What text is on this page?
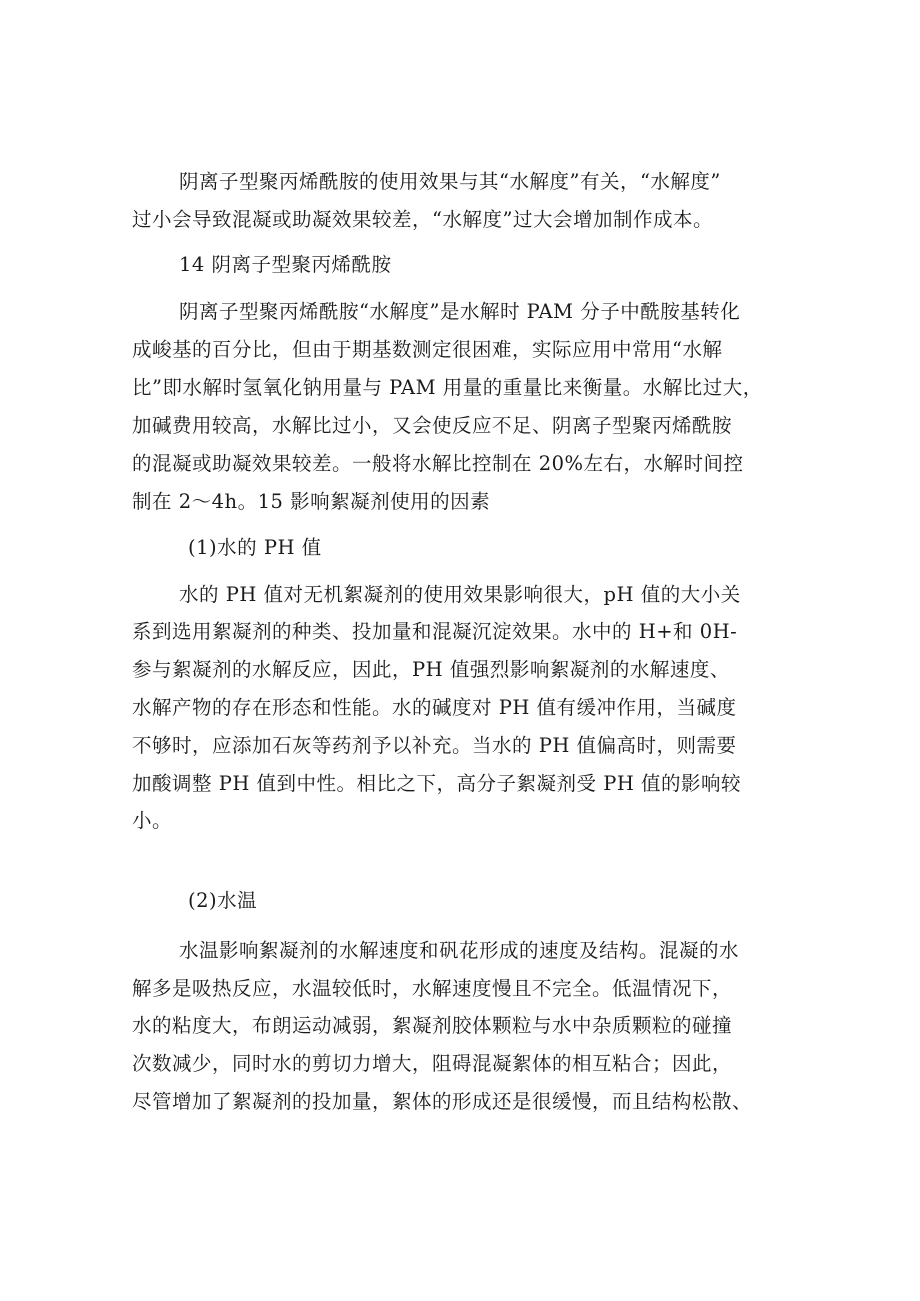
阴离子型聚丙烯酰胺的使用效果与其“水解度”有关，“水解度”
过小会导致混凝或助凝效果较差，“水解度”过大会增加制作成本。
14 阴离子型聚丙烯酰胺
阴离子型聚丙烯酰胺“水解度”是水解时 PAM 分子中酰胺基转化
成峻基的百分比，但由于期基数测定很困难，实际应用中常用“水解
比”即水解时氢氧化钠用量与 PAM 用量的重量比来衡量。水解比过大，
加碱费用较高，水解比过小，又会使反应不足、阴离子型聚丙烯酰胺
的混凝或助凝效果较差。一般将水解比控制在 20%左右，水解时间控
制在 2～4h。15 影响絮凝剂使用的因素
(1)水的 PH 值
水的 PH 值对无机絮凝剂的使用效果影响很大，pH 值的大小关
系到选用絮凝剂的种类、投加量和混凝沉淀效果。水中的 H+和 0H-
参与絮凝剂的水解反应，因此，PH 值强烈影响絮凝剂的水解速度、
水解产物的存在形态和性能。水的碱度对 PH 值有缓冲作用，当碱度
不够时，应添加石灰等药剂予以补充。当水的 PH 值偏高时，则需要
加酸调整 PH 值到中性。相比之下，高分子絮凝剂受 PH 值的影响较
小。
(2)水温
水温影响絮凝剂的水解速度和矾花形成的速度及结构。混凝的水
解多是吸热反应，水温较低时，水解速度慢且不完全。低温情况下，
水的粘度大，布朗运动减弱，絮凝剂胶体颗粒与水中杂质颗粒的碰撞
次数减少，同时水的剪切力增大，阻碍混凝絮体的相互粘合；因此，
尽管增加了絮凝剂的投加量，絮体的形成还是很缓慢，而且结构松散、
